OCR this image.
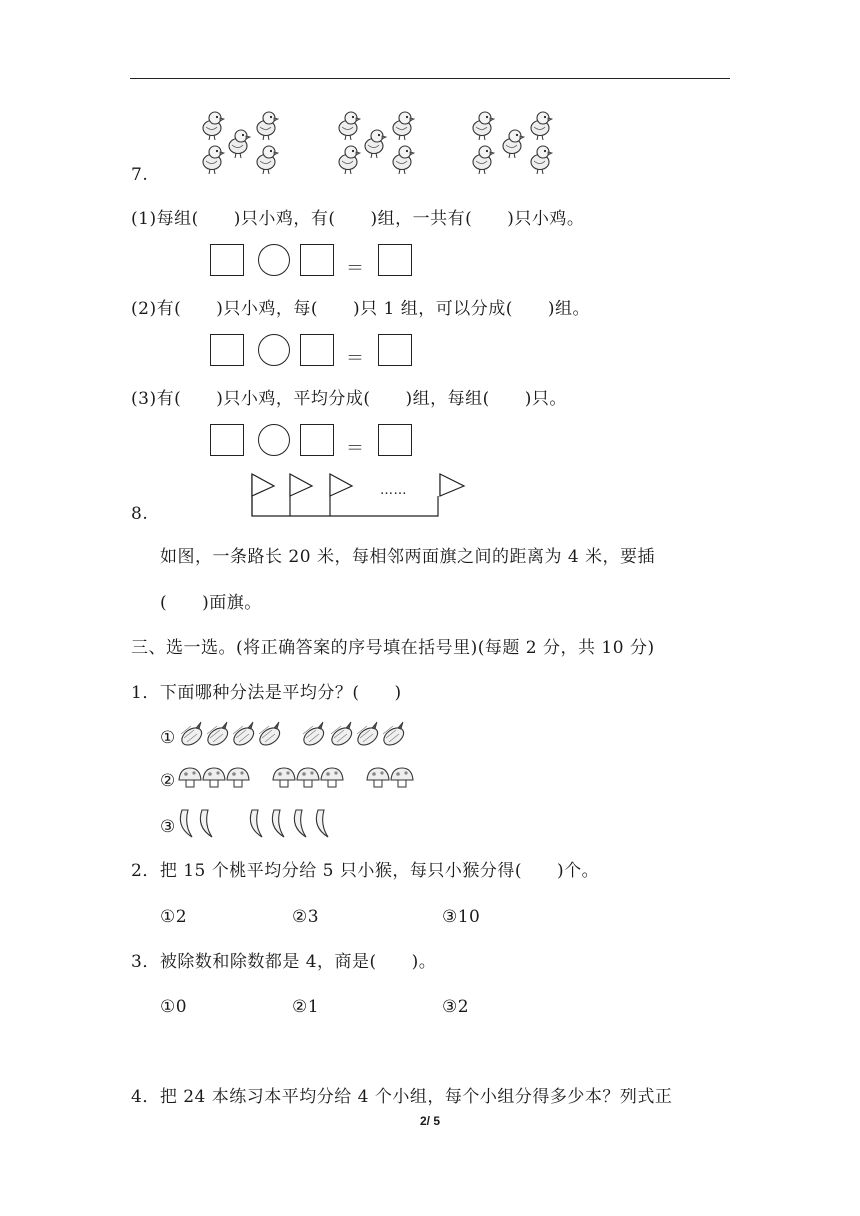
7.
(1)每组(　　)只小鸡，有(　　)组，一共有(　　)只小鸡。
＝
(2)有(　　)只小鸡，每(　　)只 1 组，可以分成(　　)组。
＝
(3)有(　　)只小鸡，平均分成(　　)组，每组(　　)只。
＝
……
8.
如图，一条路长 20 米，每相邻两面旗之间的距离为 4 米，要插
(　　)面旗。
三、选一选。(将正确答案的序号填在括号里)(每题 2 分，共 10 分)
1．下面哪种分法是平均分？(　　)
①
②
③
2．把 15 个桃平均分给 5 只小猴，每只小猴分得(　　)个。
①2	②3	③10
3．被除数和除数都是 4，商是(　　)。
①0	②1	③2
4．把 24 本练习本平均分给 4 个小组，每个小组分得多少本？列式正
2/ 5
